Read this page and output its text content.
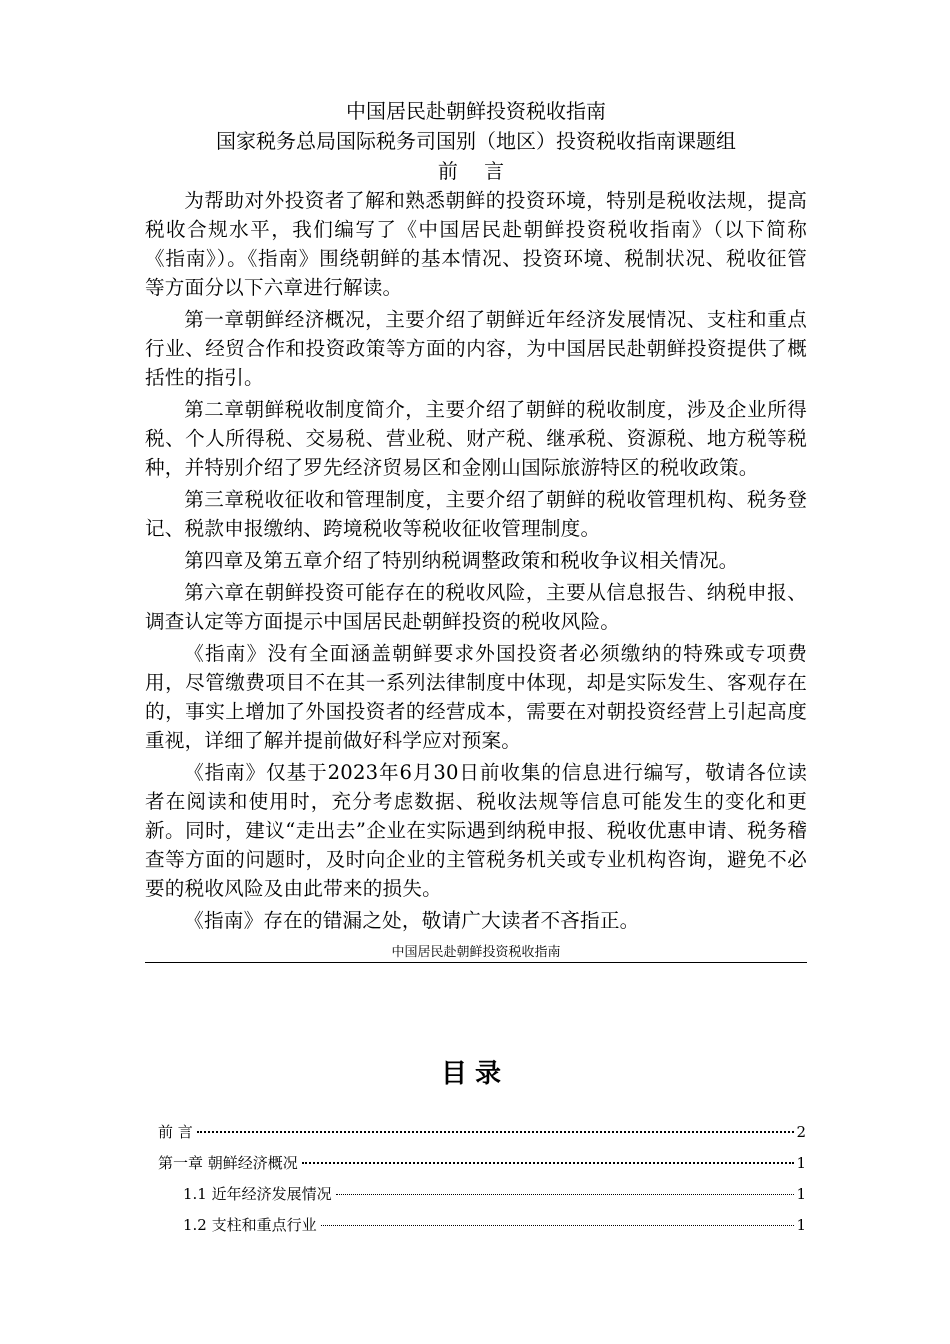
中国居民赴朝鲜投资税收指南

国家税务总局国际税务司国别（地区）投资税收指南课题组

前 言

为帮助对外投资者了解和熟悉朝鲜的投资环境，特别是税收法规，提高税收合规水平，我们编写了《中国居民赴朝鲜投资税收指南》（以下简称《指南》）。《指南》围绕朝鲜的基本情况、投资环境、税制状况、税收征管等方面分以下六章进行解读。

第一章朝鲜经济概况，主要介绍了朝鲜近年经济发展情况、支柱和重点行业、经贸合作和投资政策等方面的内容，为中国居民赴朝鲜投资提供了概括性的指引。

第二章朝鲜税收制度简介，主要介绍了朝鲜的税收制度，涉及企业所得税、个人所得税、交易税、营业税、财产税、继承税、资源税、地方税等税种，并特别介绍了罗先经济贸易区和金刚山国际旅游特区的税收政策。

第三章税收征收和管理制度，主要介绍了朝鲜的税收管理机构、税务登记、税款申报缴纳、跨境税收等税收征收管理制度。

第四章及第五章介绍了特别纳税调整政策和税收争议相关情况。

第六章在朝鲜投资可能存在的税收风险，主要从信息报告、纳税申报、调查认定等方面提示中国居民赴朝鲜投资的税收风险。

《指南》没有全面涵盖朝鲜要求外国投资者必须缴纳的特殊或专项费用，尽管缴费项目不在其一系列法律制度中体现，却是实际发生、客观存在的，事实上增加了外国投资者的经营成本，需要在对朝投资经营上引起高度重视，详细了解并提前做好科学应对预案。

《指南》仅基于2023年6月30日前收集的信息进行编写，敬请各位读者在阅读和使用时，充分考虑数据、税收法规等信息可能发生的变化和更新。同时，建议“走出去”企业在实际遇到纳税申报、税收优惠申请、税务稽查等方面的问题时，及时向企业的主管税务机关或专业机构咨询，避免不必要的税收风险及由此带来的损失。

《指南》存在的错漏之处，敬请广大读者不吝指正。

中国居民赴朝鲜投资税收指南

目录
前 言	2
第一章 朝鲜经济概况	1
1.1 近年经济发展情况	1
1.2 支柱和重点行业	1
